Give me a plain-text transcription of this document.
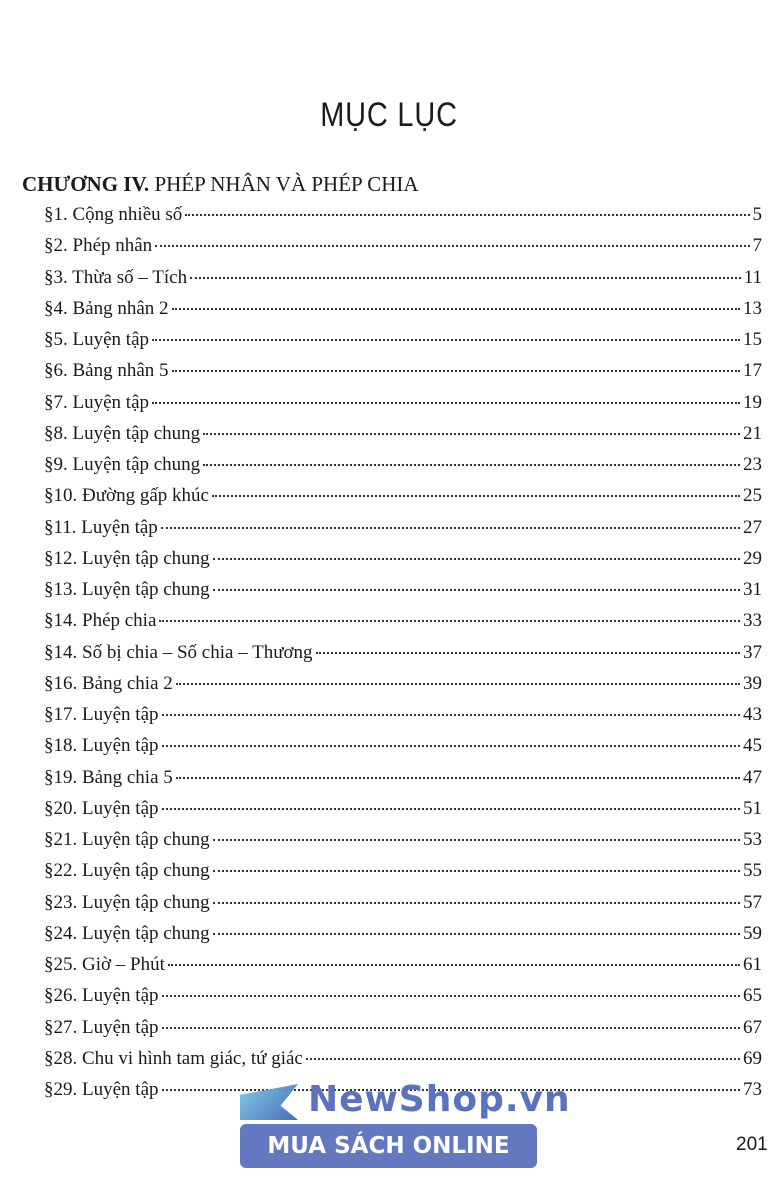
MỤC LỤC
CHƯƠNG IV. PHÉP NHÂN VÀ PHÉP CHIA
§1. Cộng nhiều số	5
§2. Phép nhân	7
§3. Thừa số – Tích	11
§4. Bảng nhân 2	13
§5. Luyện tập	15
§6. Bảng nhân 5	17
§7. Luyện tập	19
§8. Luyện tập chung	21
§9. Luyện tập chung	23
§10. Đường gấp khúc	25
§11. Luyện tập	27
§12. Luyện tập chung	29
§13. Luyện tập chung	31
§14. Phép chia	33
§14. Số bị chia – Số chia – Thương	37
§16. Bảng chia 2	39
§17. Luyện tập	43
§18. Luyện tập	45
§19. Bảng chia 5	47
§20. Luyện tập	51
§21. Luyện tập chung	53
§22. Luyện tập chung	55
§23. Luyện tập chung	57
§24. Luyện tập chung	59
§25. Giờ – Phút	61
§26. Luyện tập	65
§27. Luyện tập	67
§28. Chu vi hình tam giác, tứ giác	69
§29. Luyện tập	73
NewShop.vn
MUA SÁCH ONLINE	201
